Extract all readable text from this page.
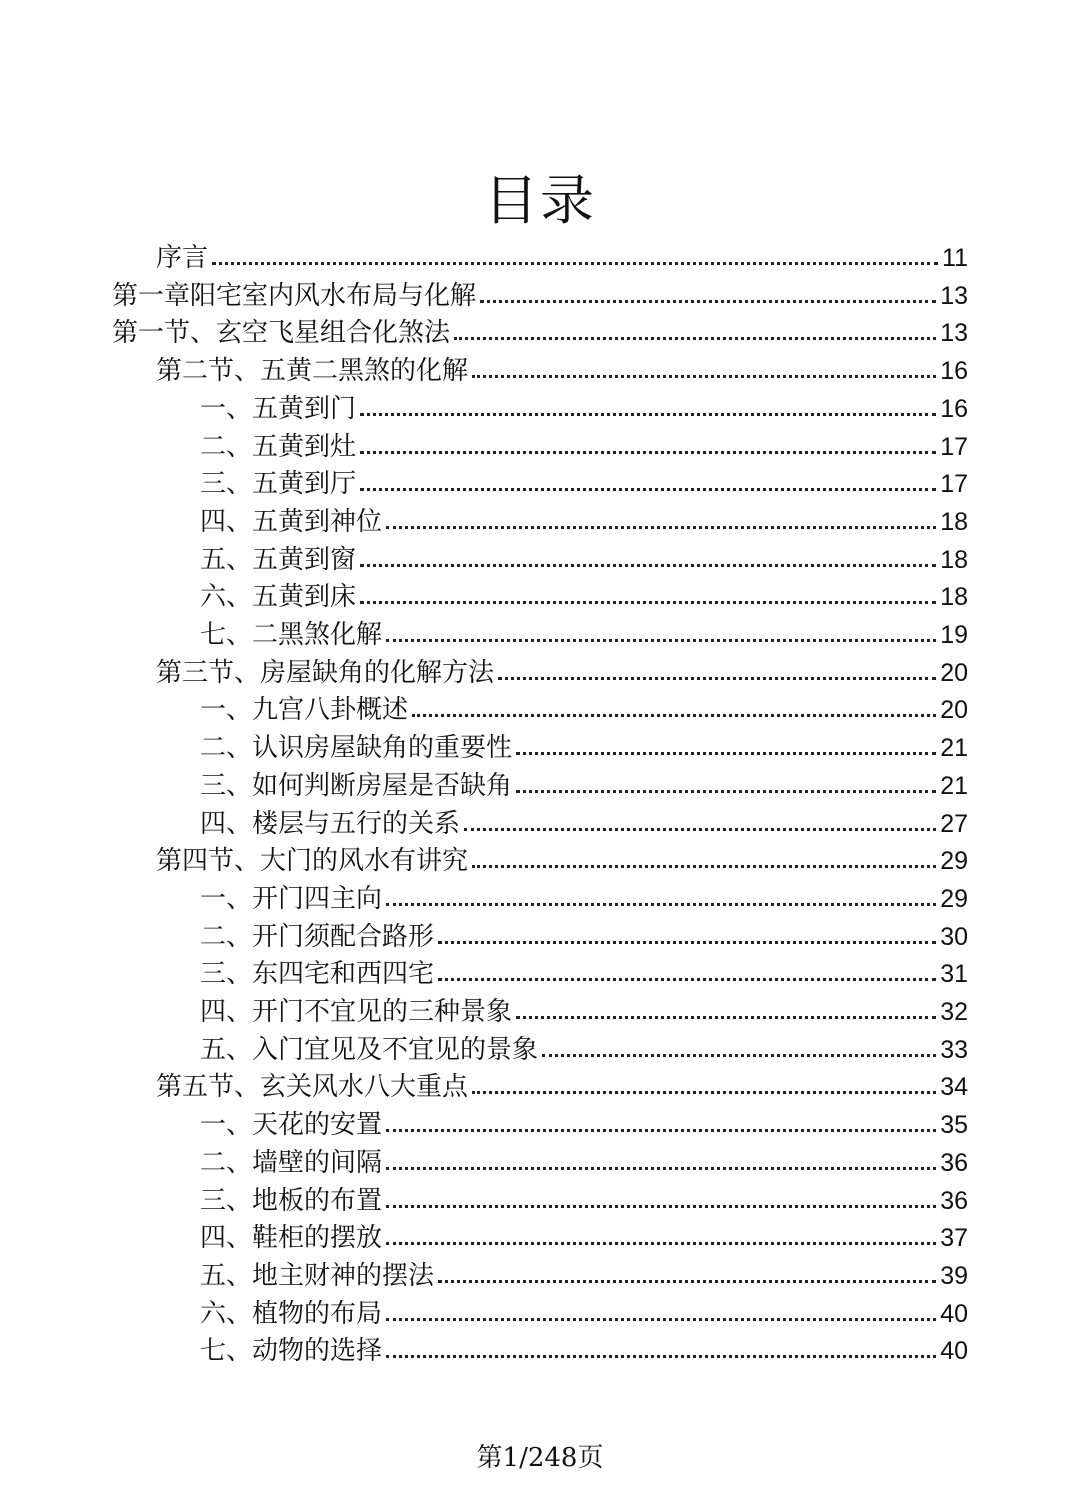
目录
序言	11
第一章阳宅室内风水布局与化解	13
第一节、玄空飞星组合化煞法	13
第二节、五黄二黑煞的化解	16
一、五黄到门	16
二、五黄到灶	17
三、五黄到厅	17
四、五黄到神位	18
五、五黄到窗	18
六、五黄到床	18
七、二黑煞化解	19
第三节、房屋缺角的化解方法	20
一、九宫八卦概述	20
二、认识房屋缺角的重要性	21
三、如何判断房屋是否缺角	21
四、楼层与五行的关系	27
第四节、大门的风水有讲究	29
一、开门四主向	29
二、开门须配合路形	30
三、东四宅和西四宅	31
四、开门不宜见的三种景象	32
五、入门宜见及不宜见的景象	33
第五节、玄关风水八大重点	34
一、天花的安置	35
二、墙壁的间隔	36
三、地板的布置	36
四、鞋柜的摆放	37
五、地主财神的摆法	39
六、植物的布局	40
七、动物的选择	40
第1/248页
